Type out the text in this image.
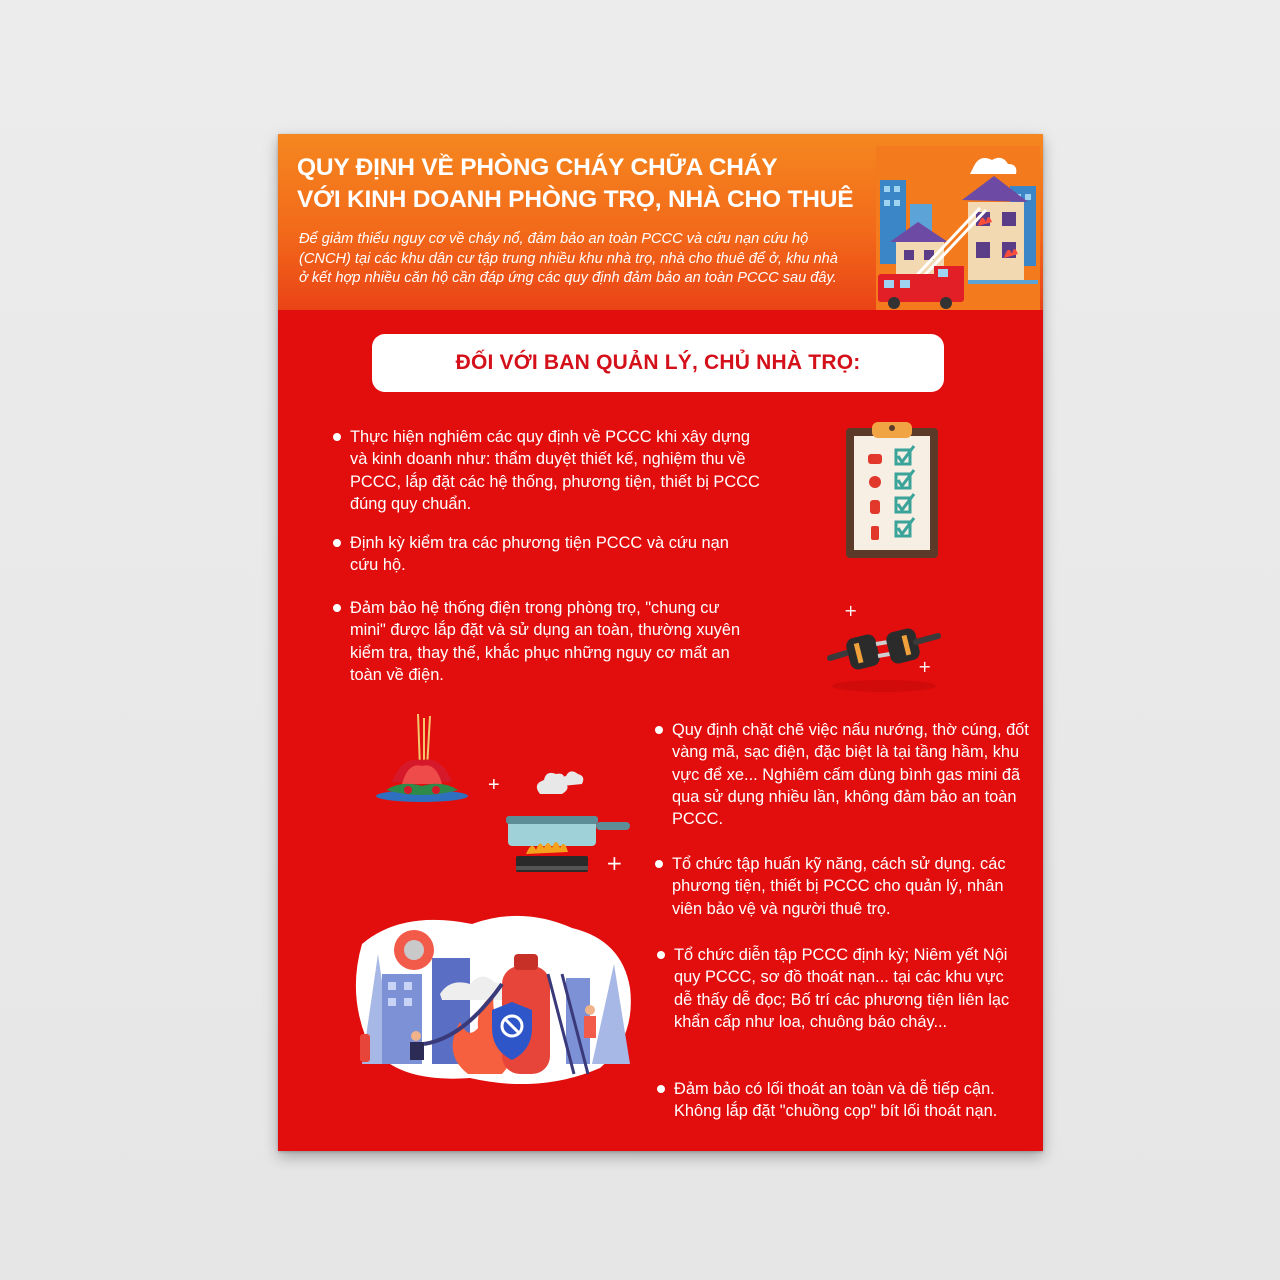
QUY ĐỊNH VỀ PHÒNG CHÁY CHỮA CHÁY
VỚI KINH DOANH PHÒNG TRỌ, NHÀ CHO THUÊ
Để giảm thiểu nguy cơ về cháy nổ, đảm bảo an toàn PCCC và cứu nạn cứu hộ (CNCH) tại các khu dân cư tập trung nhiều khu nhà trọ, nhà cho thuê để ở, khu nhà ở kết hợp nhiều căn hộ cần đáp ứng các quy định đảm bảo an toàn PCCC sau đây.
ĐỐI VỚI BAN QUẢN LÝ, CHỦ NHÀ TRỌ:
Thực hiện nghiêm các quy định về PCCC khi xây dựng và kinh doanh như: thẩm duyệt thiết kế, nghiệm thu về PCCC, lắp đặt các hệ thống, phương tiện, thiết bị PCCC đúng quy chuẩn.
Định kỳ kiểm tra các phương tiện PCCC và cứu nạn cứu hộ.
Đảm bảo hệ thống điện trong phòng trọ, "chung cư mini" được lắp đặt và sử dụng an toàn, thường xuyên kiểm tra, thay thế, khắc phục những nguy cơ mất an toàn về điện.
Quy định chặt chẽ việc nấu nướng, thờ cúng, đốt vàng mã, sạc điện, đặc biệt là tại tầng hầm, khu vực để xe... Nghiêm cấm dùng bình gas mini đã qua sử dụng nhiều lần, không đảm bảo an toàn PCCC.
Tổ chức tập huấn kỹ năng, cách sử dụng. các phương tiện, thiết bị PCCC cho quản lý, nhân viên bảo vệ và người thuê trọ.
Tổ chức diễn tập PCCC định kỳ; Niêm yết Nội quy PCCC, sơ đồ thoát nạn... tại các khu vực dễ thấy dễ đọc; Bố trí các phương tiện liên lạc khẩn cấp như loa, chuông báo cháy...
Đảm bảo có lối thoát an toàn và dễ tiếp cận. Không lắp đặt "chuồng cọp" bít lối thoát nạn.
+
+
+
+
